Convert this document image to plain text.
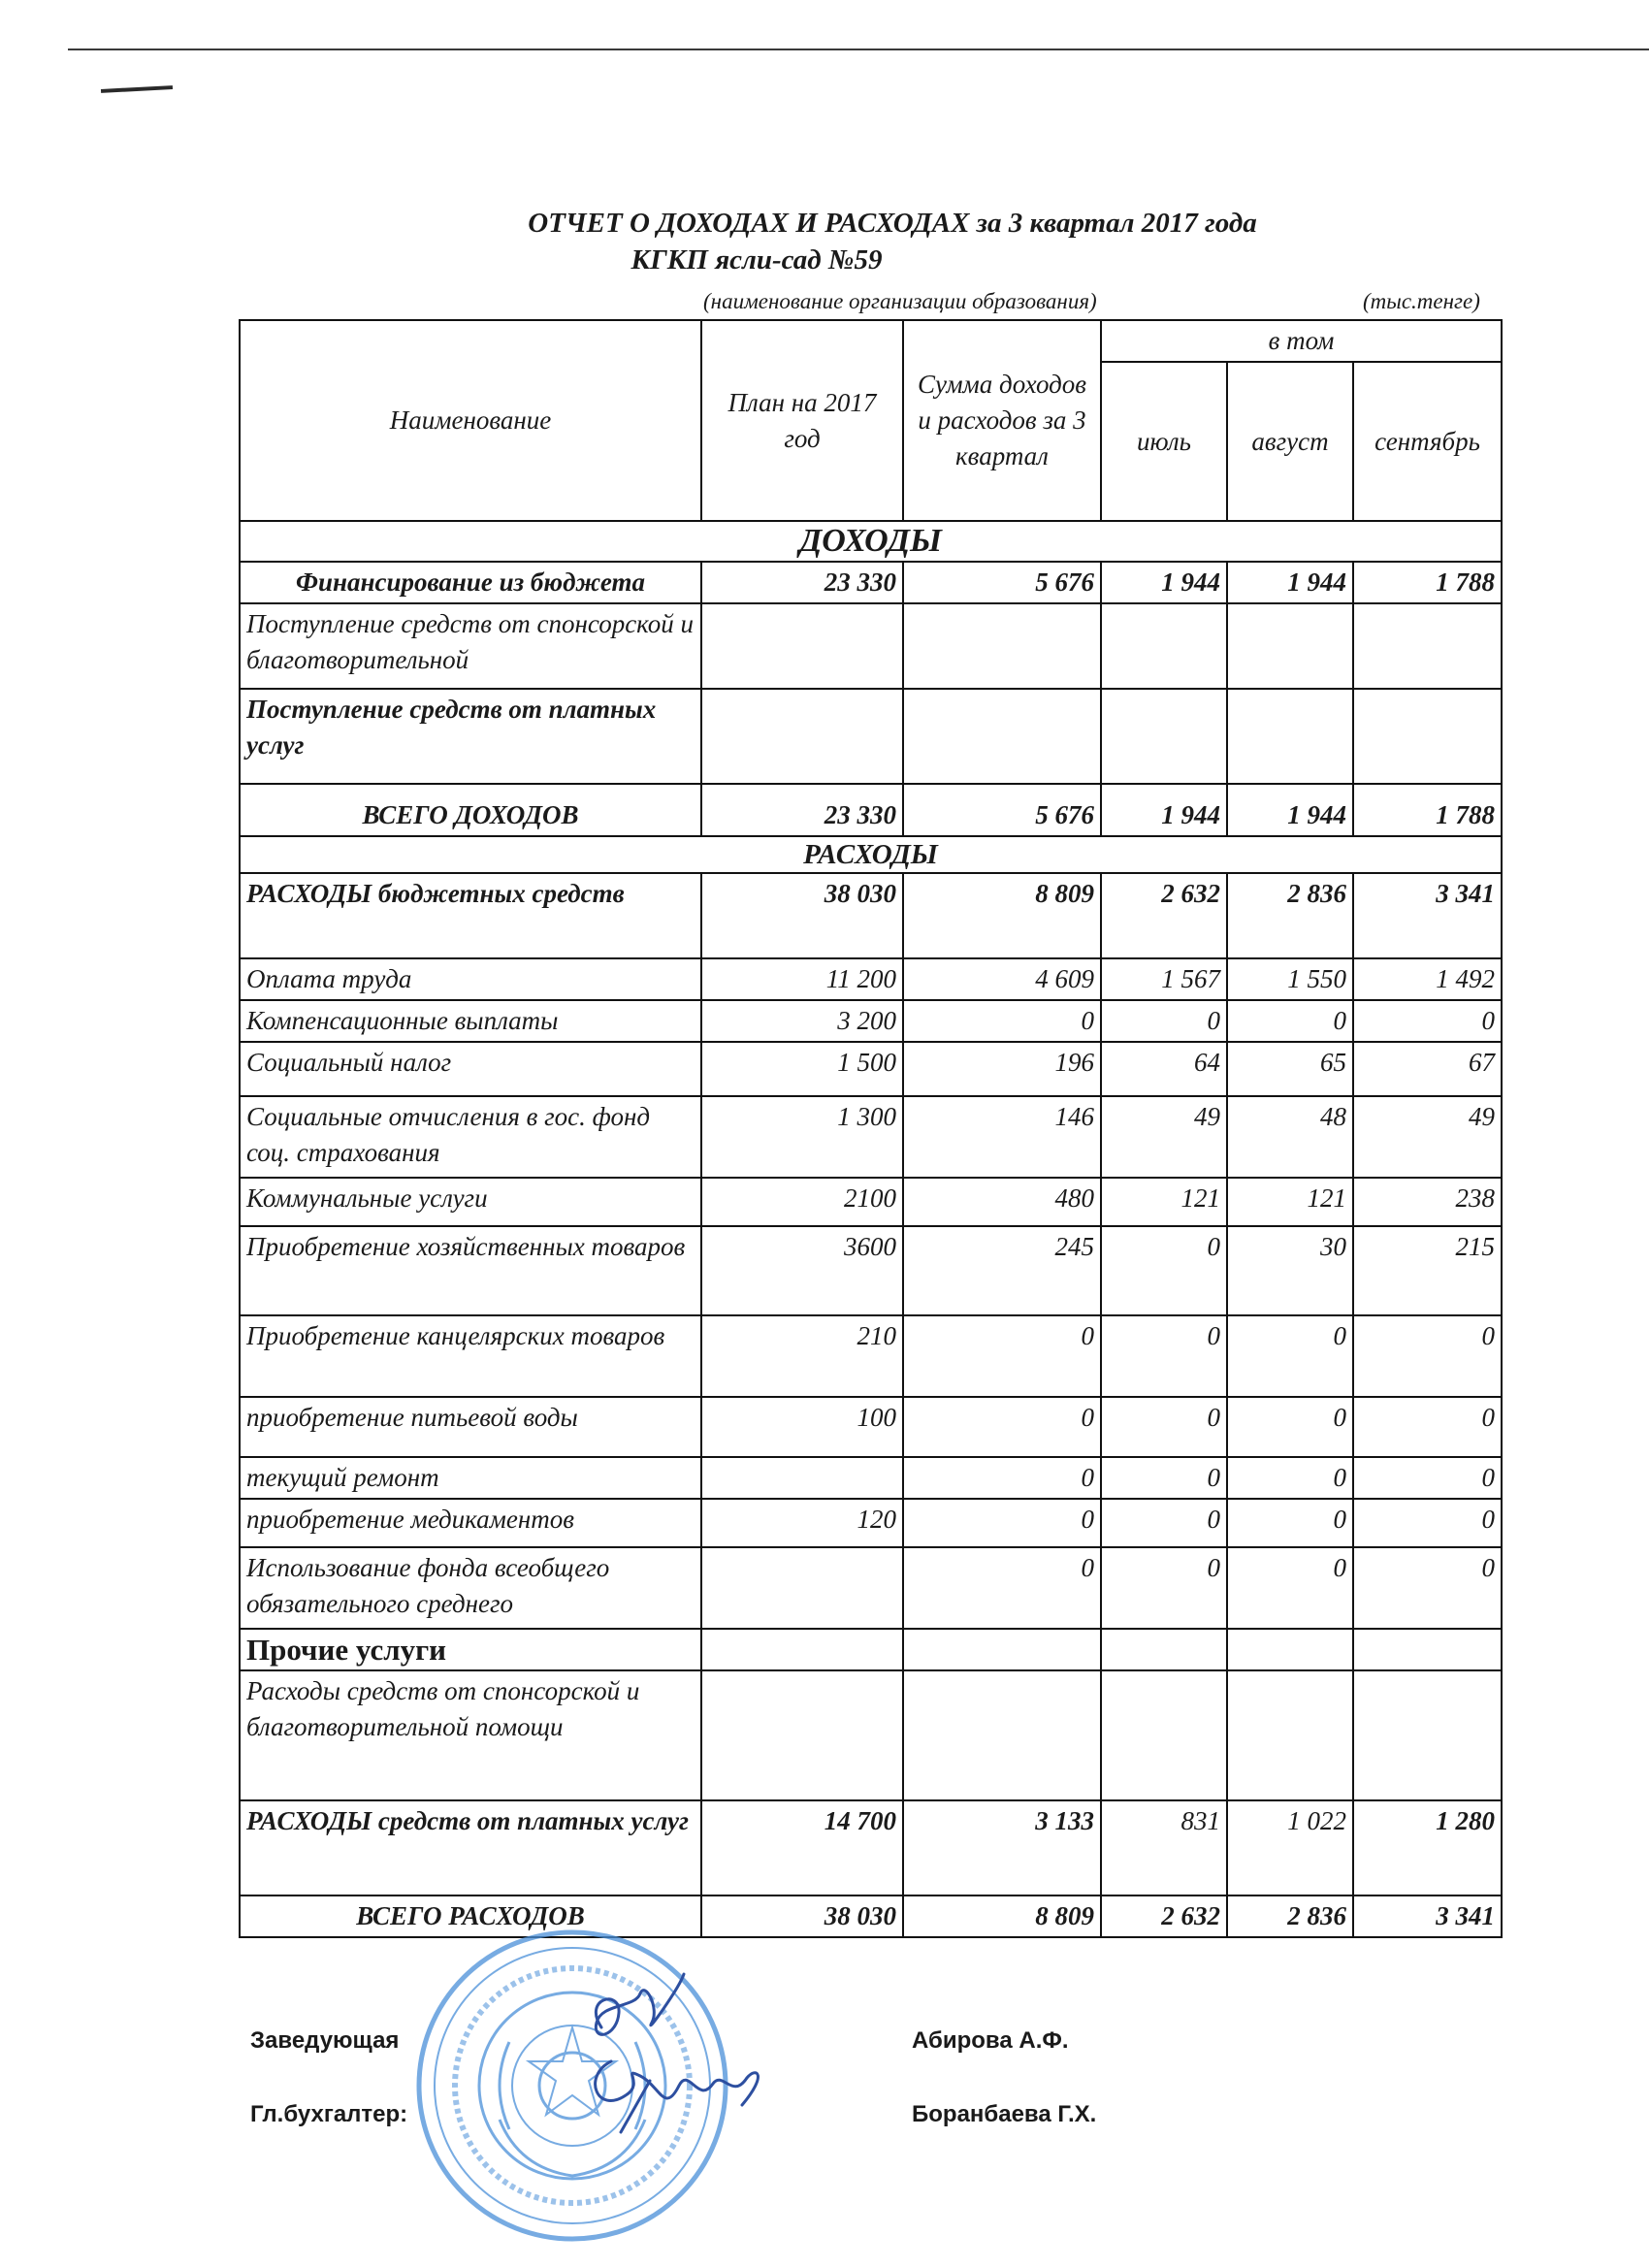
ОТЧЕТ О ДОХОДАХ И РАСХОДАХ за 3 квартал 2017 года
КГКП ясли-сад №59
(наименование организации образования)	(тыс.тенге)
Наименование	План на 2017 год	Сумма доходов и расходов за 3 квартал	в том		
			июль	август	сентябрь
ДОХОДЫ					
Финансирование из бюджета	23 330	5 676	1 944	1 944	1 788
Поступление средств от спонсорской и благотворительной					
Поступление средств от платных услуг					
ВСЕГО ДОХОДОВ	23 330	5 676	1 944	1 944	1 788
РАСХОДЫ					
РАСХОДЫ бюджетных средств	38 030	8 809	2 632	2 836	3 341
Оплата труда	11 200	4 609	1 567	1 550	1 492
Компенсационные выплаты	3 200	0	0	0	0
Социальный налог	1 500	196	64	65	67
Социальные отчисления в гос. фонд соц. страхования	1 300	146	49	48	49
Коммунальные услуги	2100	480	121	121	238
Приобретение хозяйственных товаров	3600	245	0	30	215
Приобретение канцелярских товаров	210	0	0	0	0
приобретение питьевой воды	100	0	0	0	0
текущий ремонт		0	0	0	0
приобретение медикаментов	120	0	0	0	0
Использование фонда всеобщего обязательного среднего		0	0	0	0
Прочие услуги					
Расходы средств от спонсорской и благотворительной помощи					
РАСХОДЫ средств от платных услуг	14 700	3 133	831	1 022	1 280
ВСЕГО РАСХОДОВ	38 030	8 809	2 632	2 836	3 341
Заведующая	Абирова А.Ф.
Гл.бухгалтер:	Боранбаева Г.Х.
